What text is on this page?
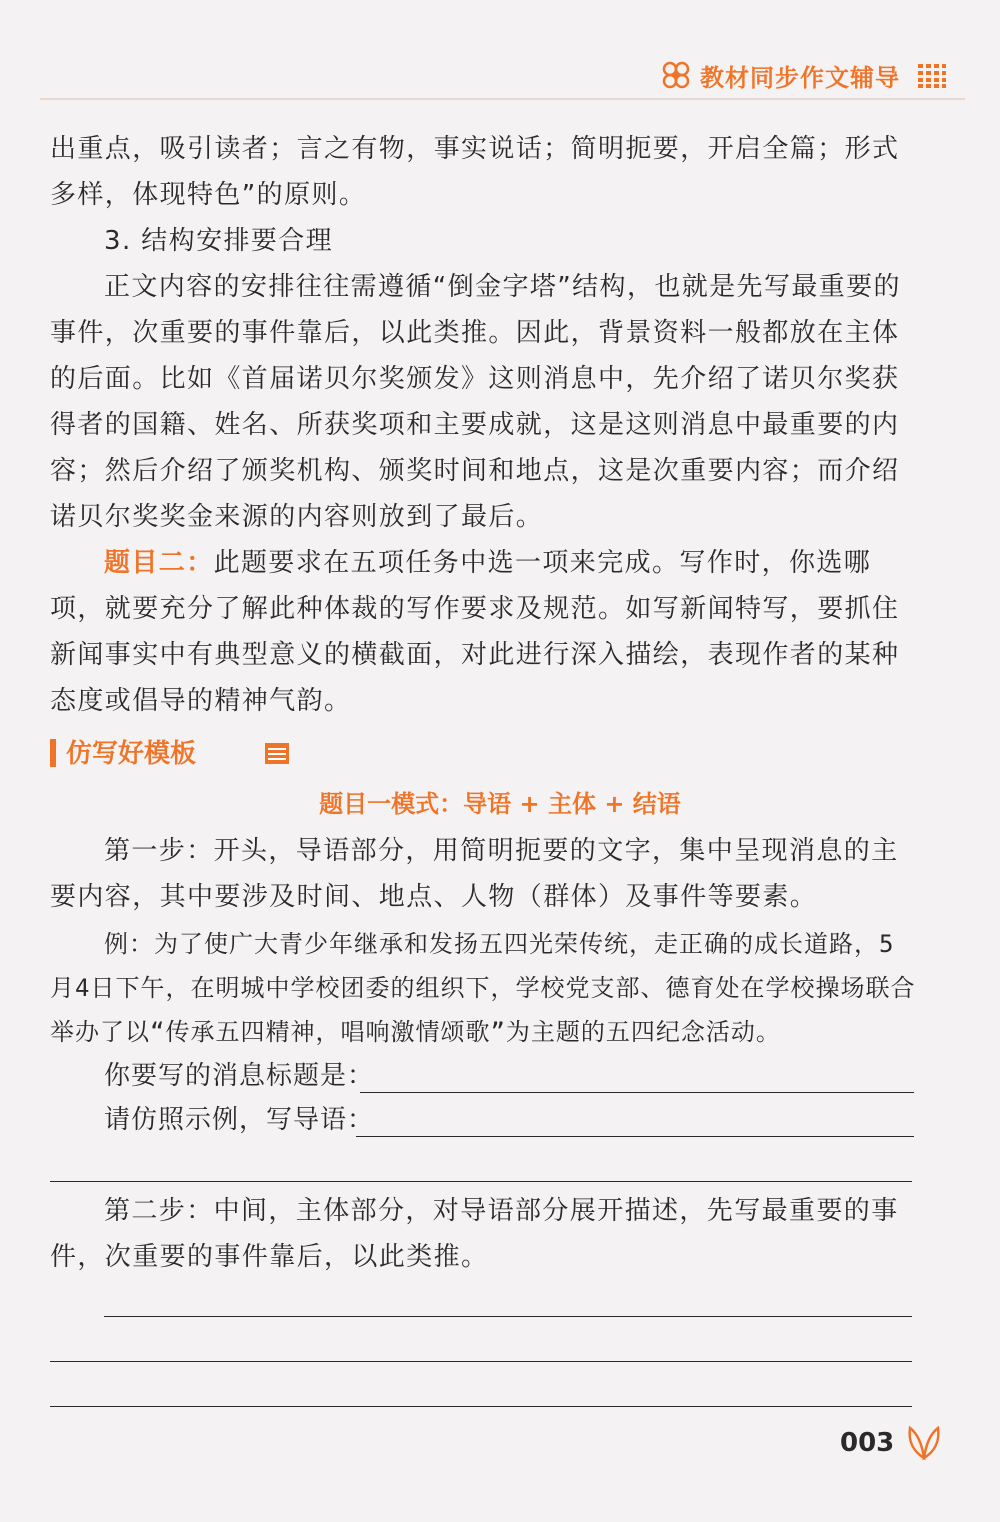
教材同步作文辅导

出重点，吸引读者；言之有物，事实说话；简明扼要，开启全篇；形式多样，体现特色”的原则。

3. 结构安排要合理

正文内容的安排往往需遵循“倒金字塔”结构，也就是先写最重要的事件，次重要的事件靠后，以此类推。因此，背景资料一般都放在主体的后面。比如《首届诺贝尔奖颁发》这则消息中，先介绍了诺贝尔奖获得者的国籍、姓名、所获奖项和主要成就，这是这则消息中最重要的内容；然后介绍了颁奖机构、颁奖时间和地点，这是次重要内容；而介绍诺贝尔奖奖金来源的内容则放到了最后。

题目二：此题要求在五项任务中选一项来完成。写作时，你选哪项，就要充分了解此种体裁的写作要求及规范。如写新闻特写，要抓住新闻事实中有典型意义的横截面，对此进行深入描绘，表现作者的某种态度或倡导的精神气韵。

仿写好模板
题目一模式：导语 + 主体 + 结语

第一步：开头，导语部分，用简明扼要的文字，集中呈现消息的主要内容，其中要涉及时间、地点、人物（群体）及事件等要素。

例：为了使广大青少年继承和发扬五四光荣传统，走正确的成长道路，5月4日下午，在明城中学校团委的组织下，学校党支部、德育处在学校操场联合举办了以“传承五四精神，唱响激情颂歌”为主题的五四纪念活动。

你要写的消息标题是：
请仿照示例，写导语：

第二步：中间，主体部分，对导语部分展开描述，先写最重要的事件，次重要的事件靠后，以此类推。

003
